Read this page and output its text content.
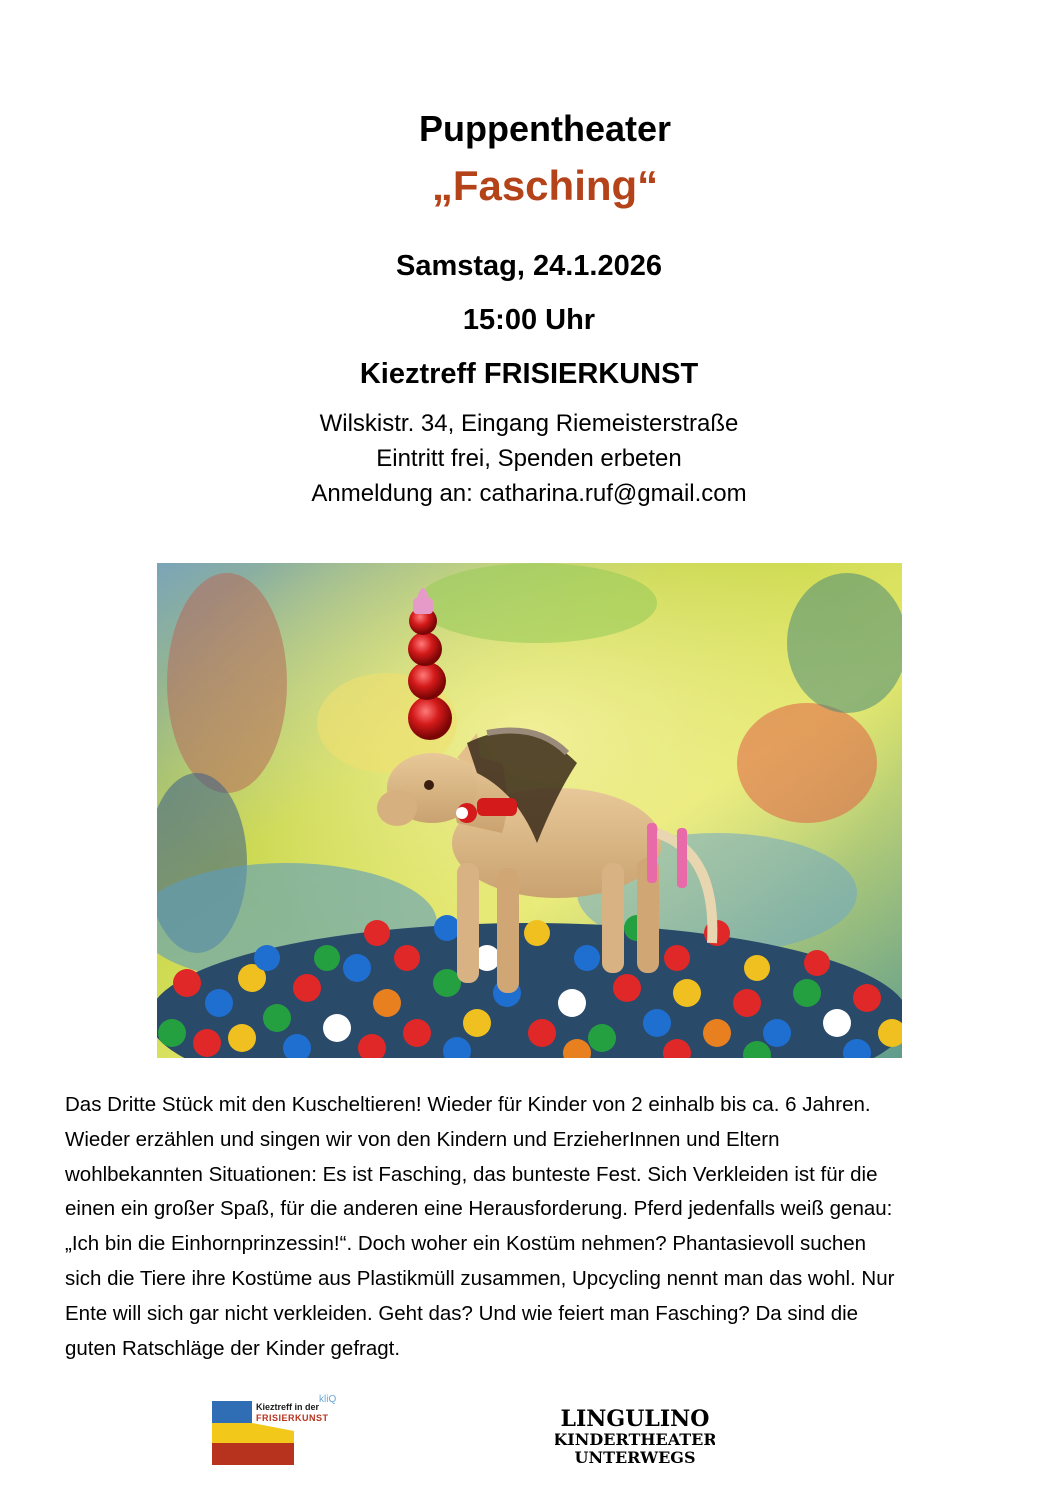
Puppentheater
„Fasching“
Samstag, 24.1.2026
15:00 Uhr
Kieztreff FRISIERKUNST
Wilskistr. 34, Eingang Riemeisterstraße
Eintritt frei, Spenden erbeten
Anmeldung an: catharina.ruf@gmail.com

Das Dritte Stück mit den Kuscheltieren! Wieder für Kinder von 2 einhalb bis ca. 6 Jahren.

Wieder erzählen und singen wir von den Kindern und ErzieherInnen und Eltern

wohlbekannten Situationen: Es ist Fasching, das bunteste Fest. Sich Verkleiden ist für die

einen ein großer Spaß, für die anderen eine Herausforderung. Pferd jedenfalls weiß genau:

„Ich bin die Einhornprinzessin!“. Doch woher ein Kostüm nehmen? Phantasievoll suchen

sich die Tiere ihre Kostüme aus Plastikmüll zusammen, Upcycling nennt man das wohl. Nur

Ente will sich gar nicht verkleiden. Geht das? Und wie feiert man Fasching? Da sind die

guten Ratschläge der Kinder gefragt.

kliQ
Kieztreff in der
FRISIERKUNST	LINGULINO
KINDERTHEATER
UNTERWEGS
